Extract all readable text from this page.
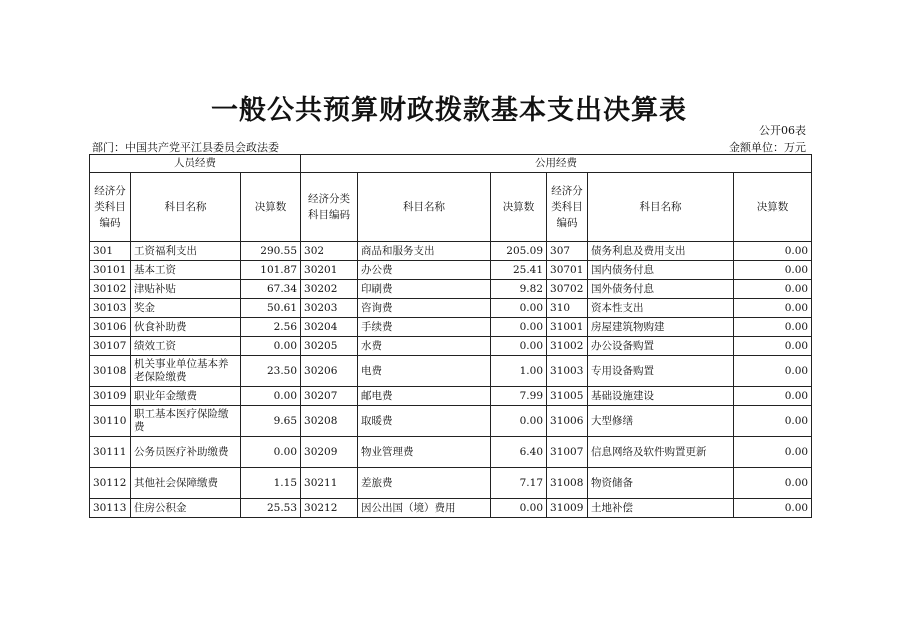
一般公共预算财政拨款基本支出决算表
公开06表
部门：中国共产党平江县委员会政法委	金额单位：万元
人员经费			公用经费					
经济分类科目编码	科目名称	决算数	经济分类科目编码	科目名称	决算数	经济分类科目编码	科目名称	决算数
301	工资福利支出	290.55	302	商品和服务支出	205.09	307	债务利息及费用支出	0.00
30101	基本工资	101.87	30201	办公费	25.41	30701	国内债务付息	0.00
30102	津贴补贴	67.34	30202	印刷费	9.82	30702	国外债务付息	0.00
30103	奖金	50.61	30203	咨询费	0.00	310	资本性支出	0.00
30106	伙食补助费	2.56	30204	手续费	0.00	31001	房屋建筑物购建	0.00
30107	绩效工资	0.00	30205	水费	0.00	31002	办公设备购置	0.00
30108	机关事业单位基本养老保险缴费	23.50	30206	电费	1.00	31003	专用设备购置	0.00
30109	职业年金缴费	0.00	30207	邮电费	7.99	31005	基础设施建设	0.00
30110	职工基本医疗保险缴费	9.65	30208	取暖费	0.00	31006	大型修缮	0.00
30111	公务员医疗补助缴费	0.00	30209	物业管理费	6.40	31007	信息网络及软件购置更新	0.00
30112	其他社会保障缴费	1.15	30211	差旅费	7.17	31008	物资储备	0.00
30113	住房公积金	25.53	30212	因公出国（境）费用	0.00	31009	土地补偿	0.00
